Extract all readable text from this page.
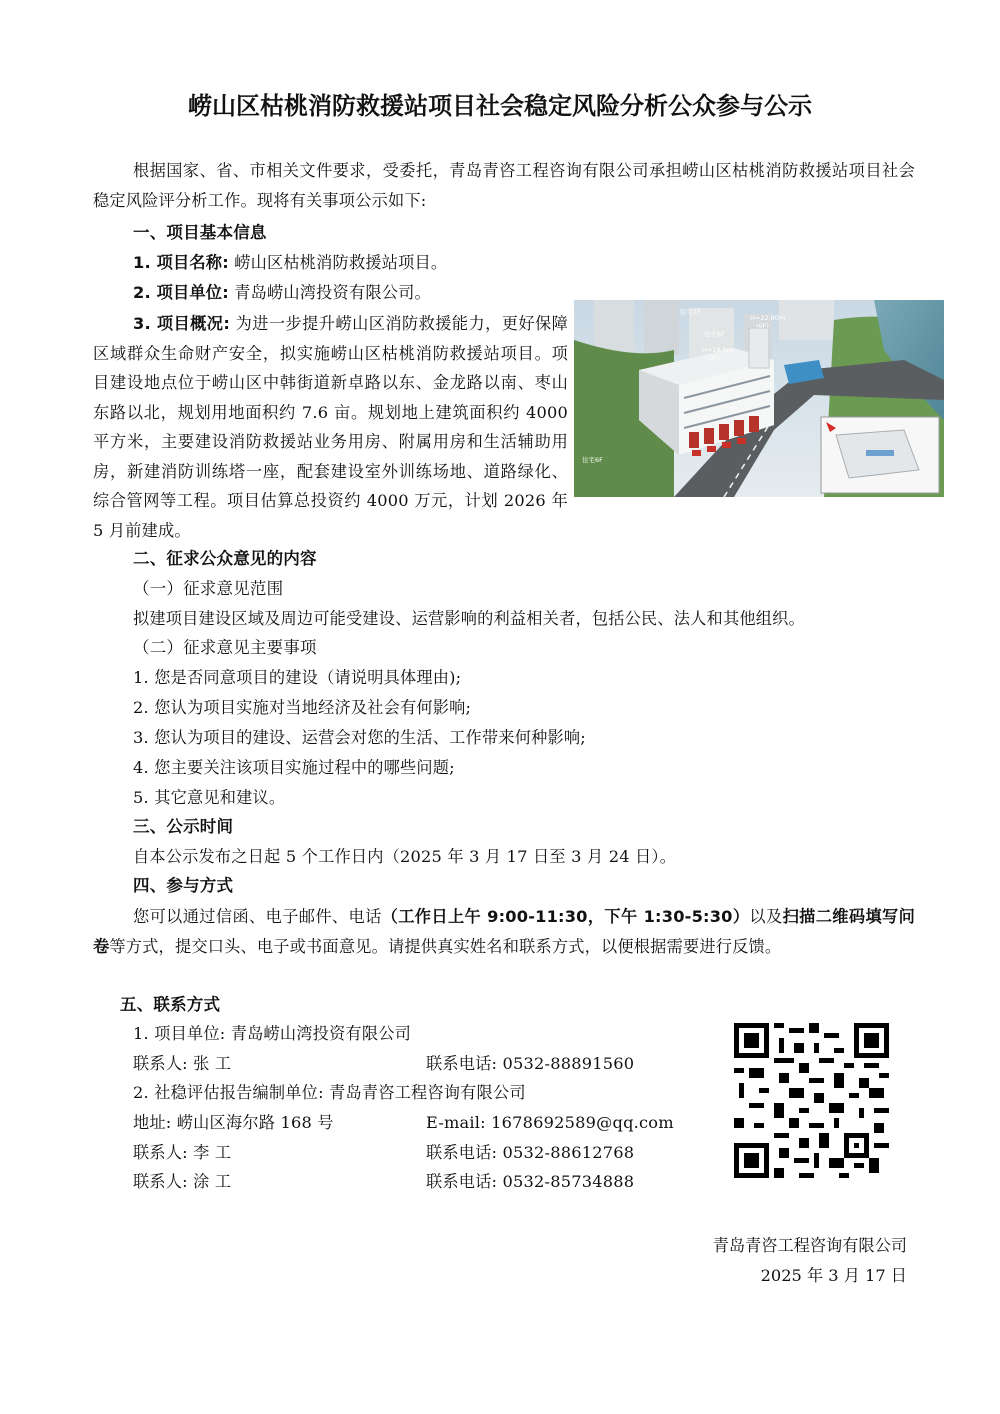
崂山区枯桃消防救援站项目社会稳定风险分析公众参与公示
根据国家、省、市相关文件要求，受委托，青岛青咨工程咨询有限公司承担崂山区枯桃消防救援站项目社会稳定风险评分析工作。现将有关事项公示如下:
一、项目基本信息
1. 项目名称: 崂山区枯桃消防救援站项目。
2. 项目单位: 青岛崂山湾投资有限公司。
3. 项目概况: 为进一步提升崂山区消防救援能力，更好保障区域群众生命财产安全，拟实施崂山区枯桃消防救援站项目。项目建设地点位于崂山区中韩街道新卓路以东、金龙路以南、枣山东路以北，规划用地面积约 7.6 亩。规划地上建筑面积约 4000 平方米，主要建设消防救援站业务用房、附属用房和生活辅助用房，新建消防训练塔一座，配套建设室外训练场地、道路绿化、综合管网等工程。项目估算总投资约 4000 万元，计划 2026 年 5 月前建成。
住宅7F
住宅6F
H=22.80m
(6F)
H=18.6m
(3F)
住宅6F
二、征求公众意见的内容
（一）征求意见范围
拟建项目建设区域及周边可能受建设、运营影响的利益相关者，包括公民、法人和其他组织。
（二）征求意见主要事项
1. 您是否同意项目的建设（请说明具体理由);
2. 您认为项目实施对当地经济及社会有何影响;
3. 您认为项目的建设、运营会对您的生活、工作带来何种影响;
4. 您主要关注该项目实施过程中的哪些问题;
5. 其它意见和建议。
三、公示时间
自本公示发布之日起 5 个工作日内（2025 年 3 月 17 日至 3 月 24 日）。
四、参与方式
您可以通过信函、电子邮件、电话（工作日上午 9:00-11:30，下午 1:30-5:30）以及扫描二维码填写问卷等方式，提交口头、电子或书面意见。请提供真实姓名和联系方式，以便根据需要进行反馈。
五、联系方式
1. 项目单位: 青岛崂山湾投资有限公司
联系人: 张 工	联系电话: 0532-88891560
2. 社稳评估报告编制单位: 青岛青咨工程咨询有限公司
地址: 崂山区海尔路 168 号	E-mail: 1678692589@qq.com
联系人: 李 工	联系电话: 0532-88612768
联系人: 涂 工	联系电话: 0532-85734888
青岛青咨工程咨询有限公司
2025 年 3 月 17 日
